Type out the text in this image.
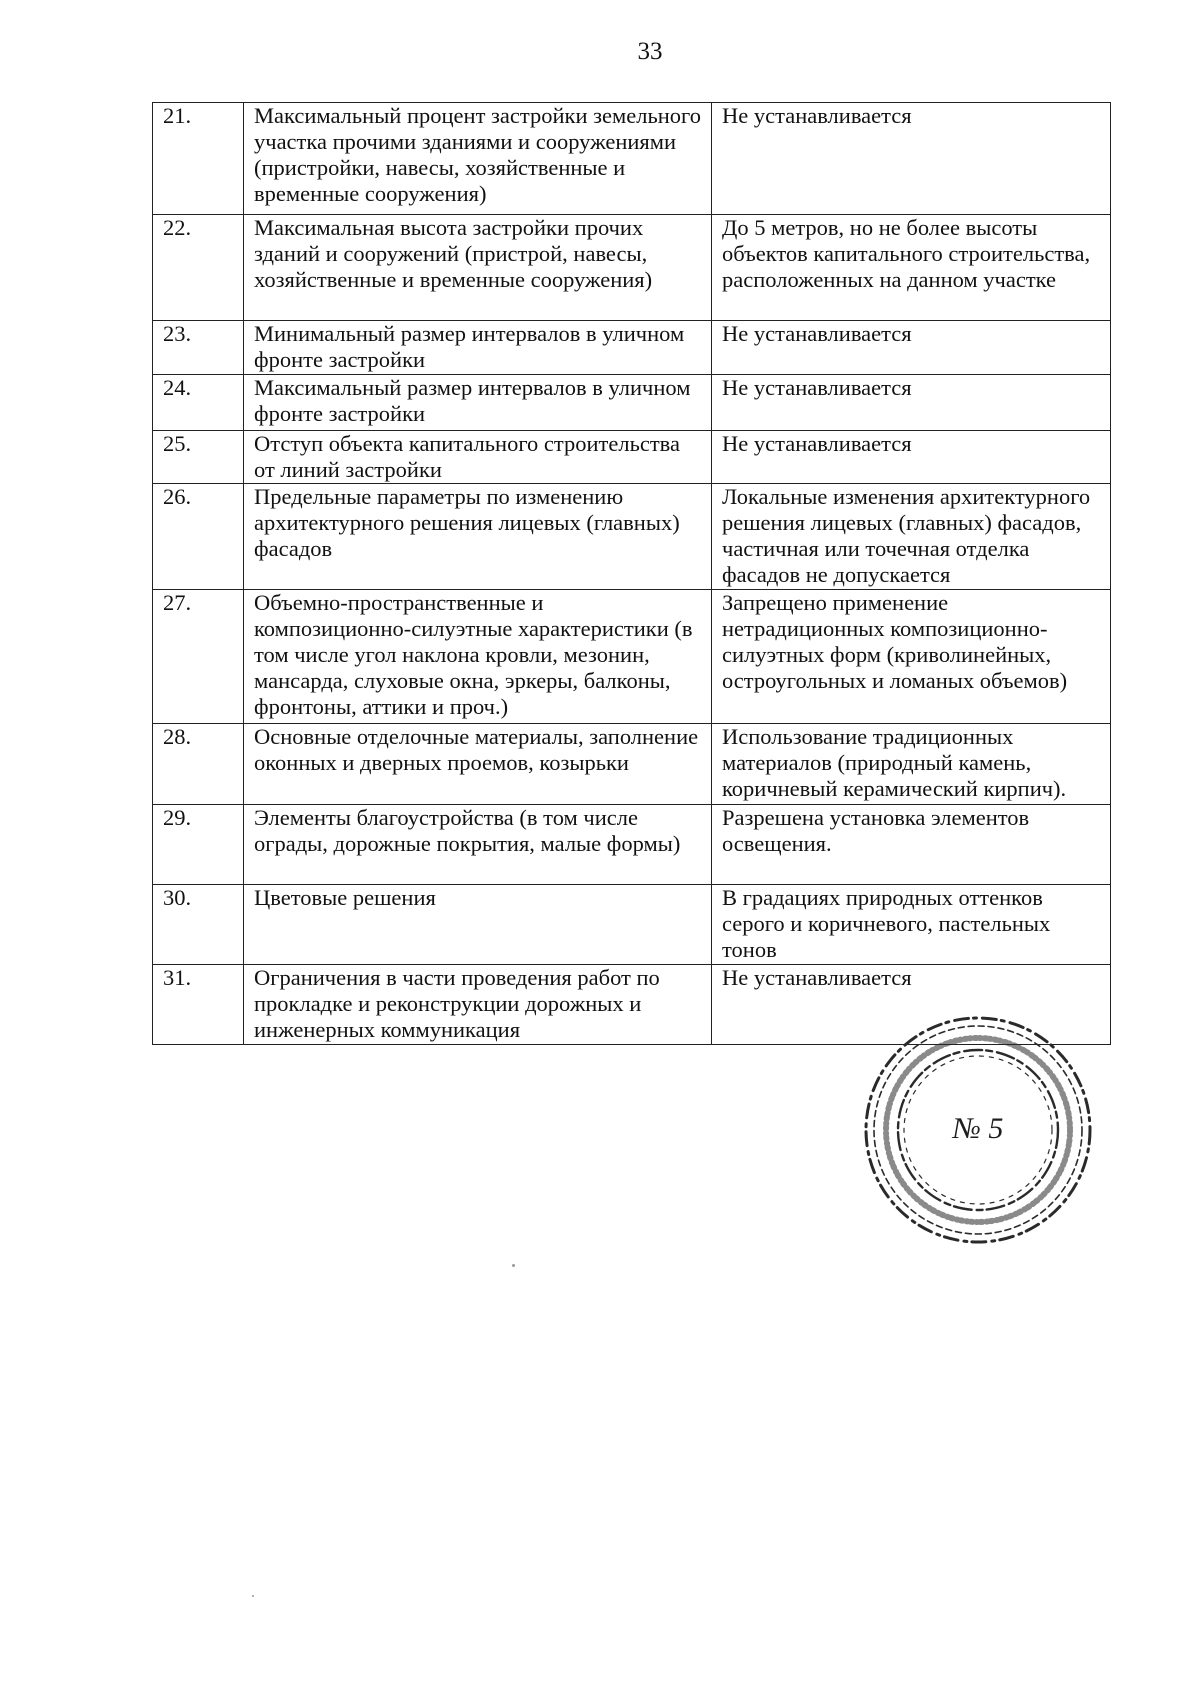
33
21.	Максимальный процент застройки земельного участка прочими зданиями и сооружениями (пристройки, навесы, хозяйственные и временные сооружения)	Не устанавливается
22.	Максимальная высота застройки прочих зданий и сооружений (пристрой, навесы, хозяйственные и временные сооружения)	До 5 метров, но не более высоты объектов капитального строительства, расположенных на данном участке
23.	Минимальный размер интервалов в уличном фронте застройки	Не устанавливается
24.	Максимальный размер интервалов в уличном фронте застройки	Не устанавливается
25.	Отступ объекта капитального строительства от линий застройки	Не устанавливается
26.	Предельные параметры по изменению архитектурного решения лицевых (главных) фасадов	Локальные изменения архитектурного решения лицевых (главных) фасадов, частичная или точечная отделка фасадов не допускается
27.	Объемно-пространственные и композиционно-силуэтные характеристики (в том числе угол наклона кровли, мезонин, мансарда, слуховые окна, эркеры, балконы, фронтоны, аттики и проч.)	Запрещено применение нетрадиционных композиционно-силуэтных форм (криволинейных, остроугольных и ломаных объемов)
28.	Основные отделочные материалы, заполнение оконных и дверных проемов, козырьки	Использование традиционных материалов (природный камень, коричневый керамический кирпич).
29.	Элементы благоустройства (в том числе ограды, дорожные покрытия, малые формы)	Разрешена установка элементов освещения.
30.	Цветовые решения	В градациях природных оттенков серого и коричневого, пастельных тонов
31.	Ограничения в части проведения работ по прокладке и реконструкции дорожных и инженерных коммуникация	Не устанавливается
№ 5
